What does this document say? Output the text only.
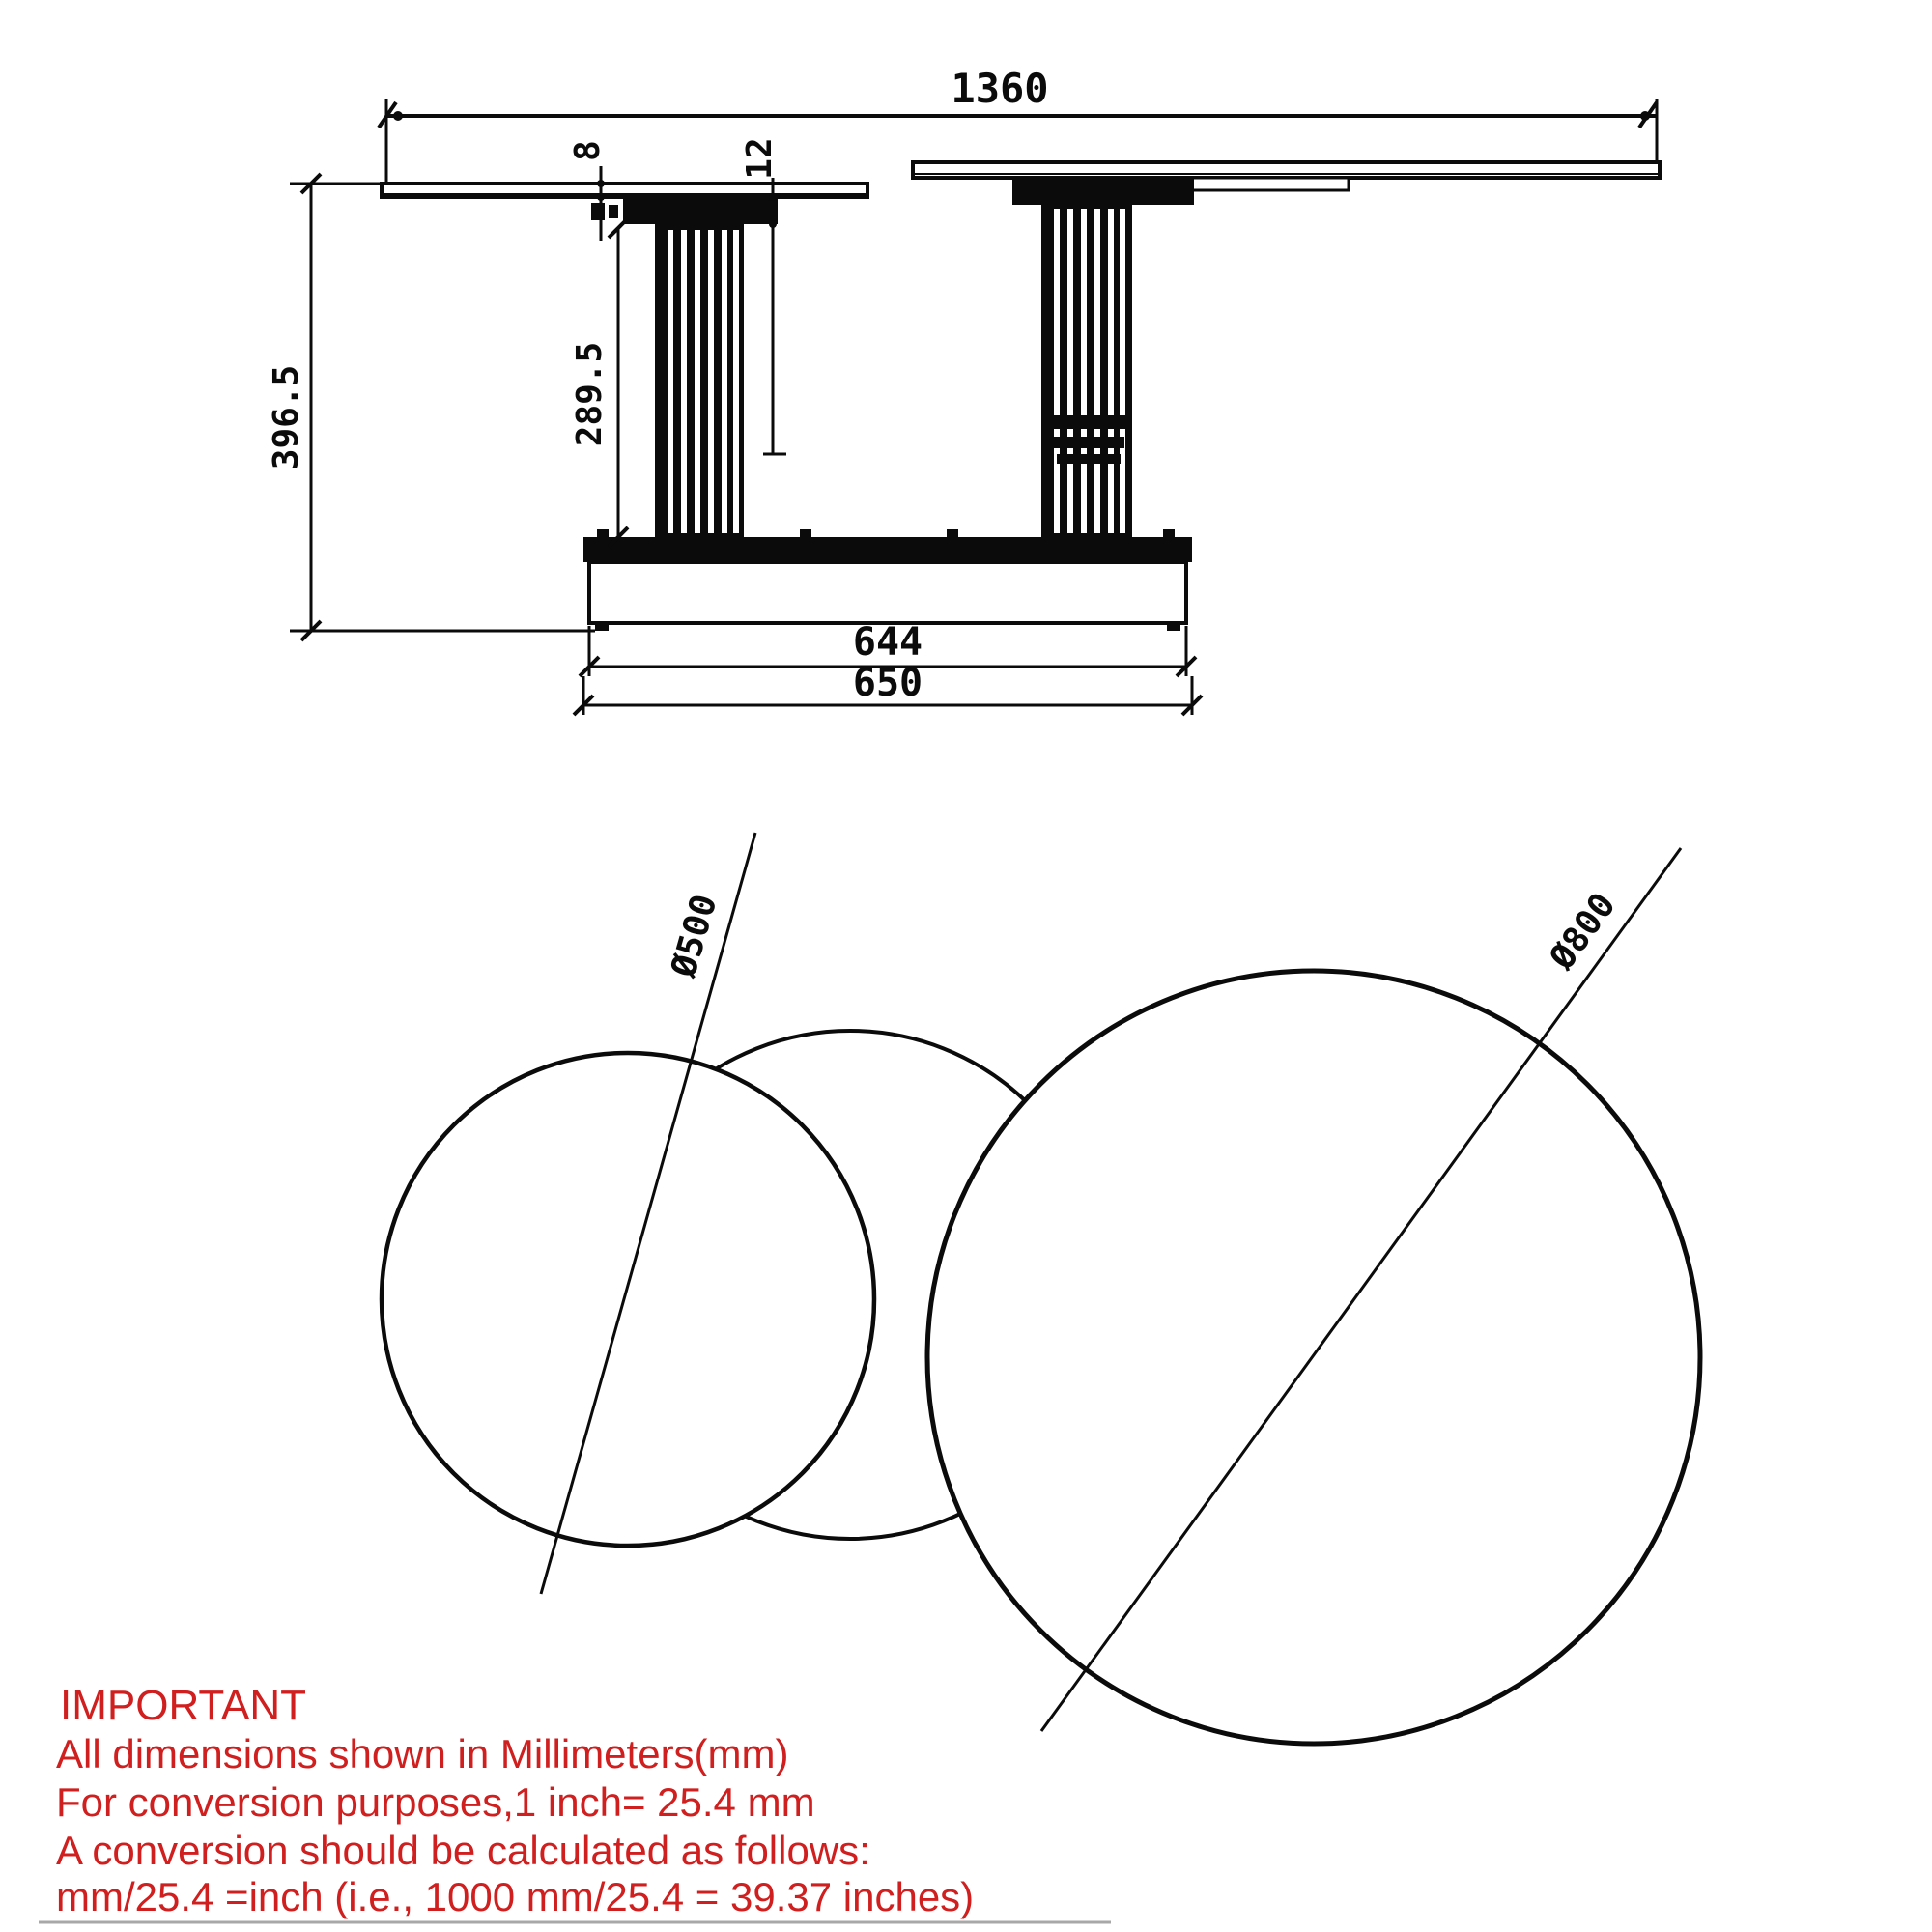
1360
396.5	289.5
8	12
644
650
Ø500	Ø800
IMPORTANT
All dimensions shown in Millimeters(mm)
For conversion purposes,1 inch= 25.4 mm
A conversion should be calculated as follows:
mm/25.4 =inch (i.e., 1000 mm/25.4 = 39.37 inches)
